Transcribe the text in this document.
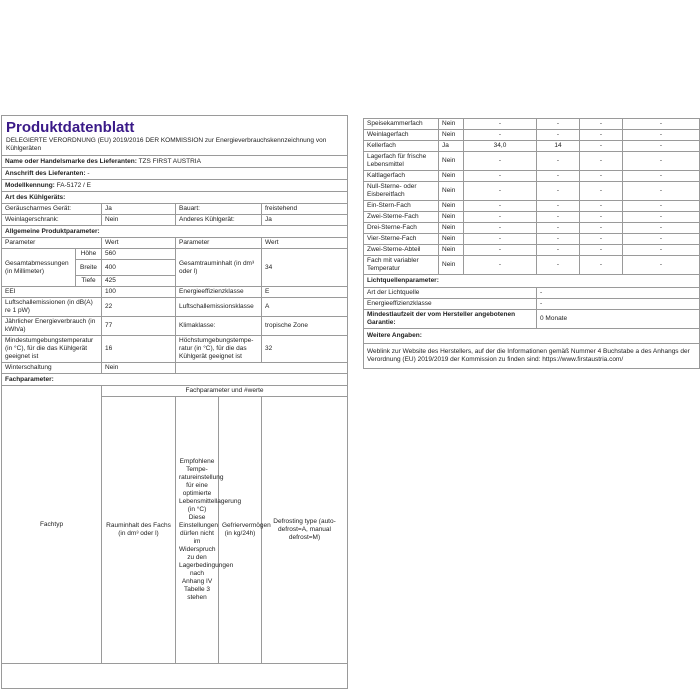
Produktdatenblatt
DELEGIERTE VERORDNUNG (EU) 2019/2016 DER KOMMISSION zur Energieverbrauchskennzeichnung von Kühlgeräten
Name oder Handelsmarke des Lieferanten: TZS FIRST AUSTRIA				
Anschrift des Lieferanten: -				
Modellkennung: FA-5172 / E				
Art des Kühlgeräts:				
Geräuscharmes Gerät:		Ja	Bauart:	freistehend
Weinlagerschrank:		Nein	Anderes Kühlgerät:	Ja
Allgemeine Produktparameter:				
Parameter		Wert	Parameter	Wert
Gesamtabmessungen (in Millimeter)	Höhe	560	Gesamtrauminhalt (in dm³ oder l)	34
	Breite	400		
	Tiefe	425		
EEI		100	Energieeffizienzklasse	E
Luftschallemissionen (in dB(A) re 1 pW)		22	Luftschallemissionsklasse	A
Jährlicher Energieverbrauch (in kWh/a)		77	Klimaklasse:	tropische Zone
Mindestumgebungstemperatur (in °C), für die das Kühlgerät geeignet ist		16	Höchstumgebungstemperatur (in °C), für die das Kühlgerät geeignet ist	32
Winterschaltung		Nein		
Fachparameter:				
Fachtyp	Fachparameter und #werte			
	Rauminhalt des Fachs (in dm³ oder l)	Empfohlene Temperatureinstellung für eine optimierte Lebensmittellagerung (in °C) Diese Einstellungen dürfen nicht im Widerspruch zu den Lagerbedingungen nach Anhang IV Tabelle 3 stehen	Gefriervermögen (in kg/24h)	Defrosting type (auto-defrost=A, manual defrost=M)
Speisekammerfach	Nein	-	-	-	-
Weinlagerfach	Nein	-	-	-	-
Kellerfach	Ja	34,0	14	-	-
Lagerfach für frische Lebensmittel	Nein	-	-	-	-
Kaltlagerfach	Nein	-	-	-	-
Null-Sterne- oder Eisbereitfach	Nein	-	-	-	-
Ein-Stern-Fach	Nein	-	-	-	-
Zwei-Sterne-Fach	Nein	-	-	-	-
Drei-Sterne-Fach	Nein	-	-	-	-
Vier-Sterne-Fach	Nein	-	-	-	-
Zwei-Sterne-Abteil	Nein	-	-	-	-
Fach mit variabler Temperatur	Nein	-	-	-	-
Lichtquellenparameter:	
Art der Lichtquelle	-
Energieeffizienzklasse	-
Mindestlaufzeit der vom Hersteller angebotenen Garantie:	0 Monate
Weitere Angaben:	
Weblink zur Website des Herstellers, auf der die Informationen gemäß Nummer 4 Buchstabe a des Anhangs der Verordnung (EU) 2019/2019 der Kommission zu finden sind: https://www.firstaustria.com/	
